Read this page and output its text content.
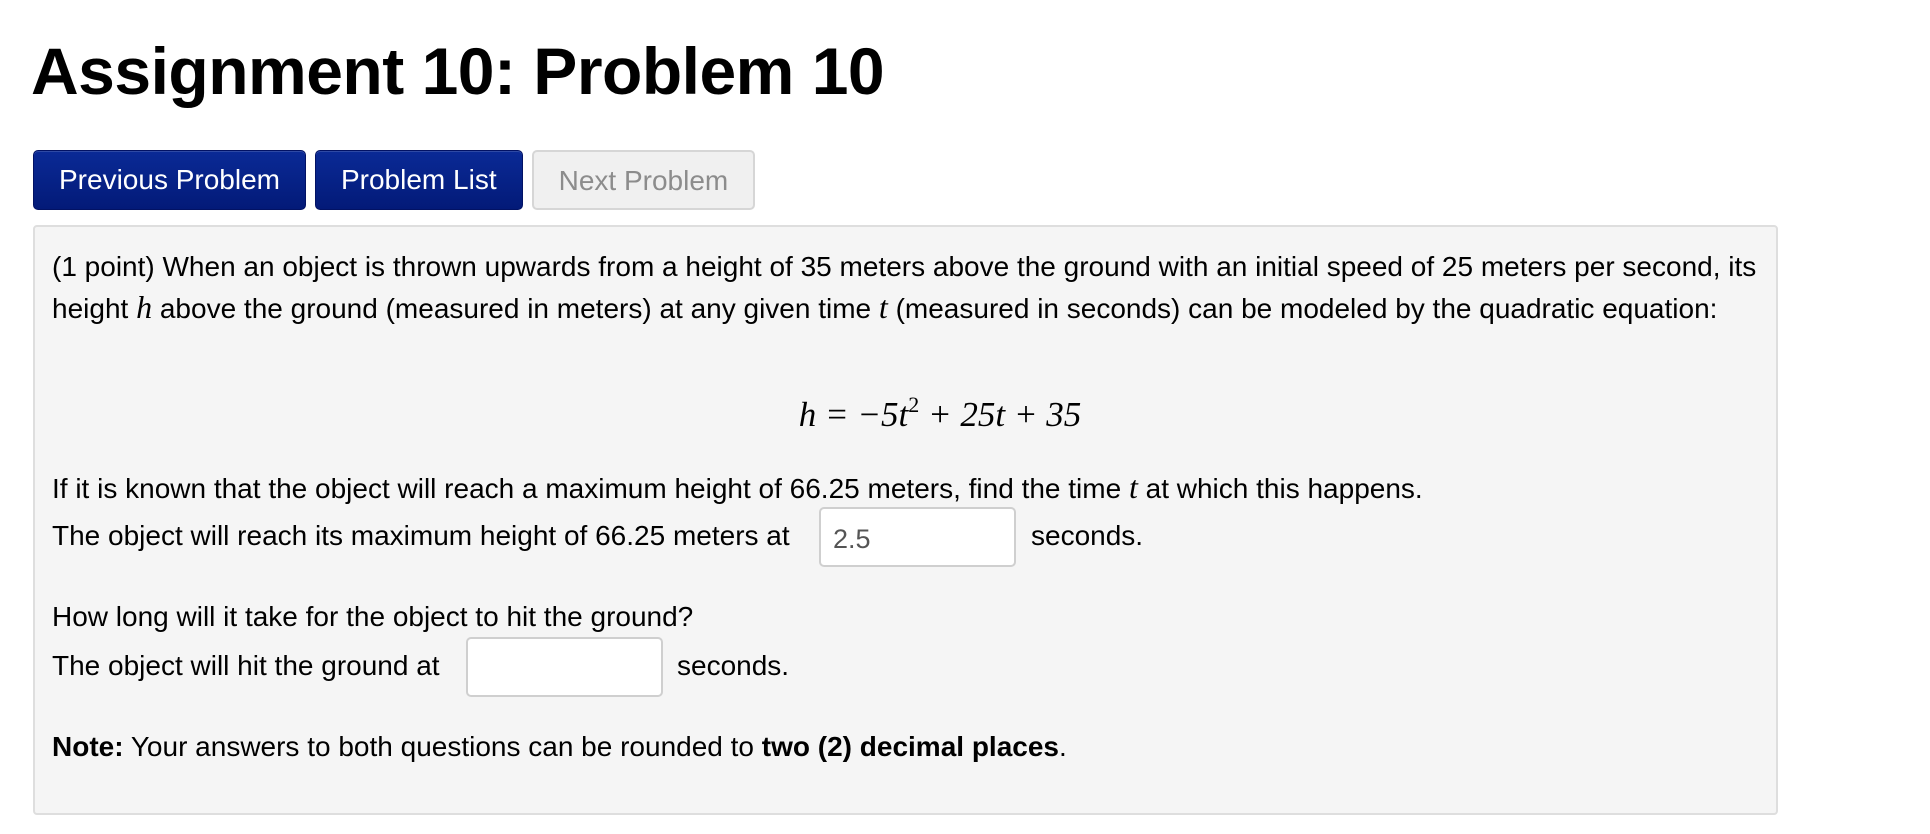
Assignment 10: Problem 10
Previous Problem	Problem List	Next Problem
(1 point) When an object is thrown upwards from a height of 35 meters above the ground with an initial speed of 25 meters per second, its height h above the ground (measured in meters) at any given time t (measured in seconds) can be modeled by the quadratic equation:
$h = -5t^2 + 25t + 35$
If it is known that the object will reach a maximum height of 66.25 meters, find the time t at which this happens.
The object will reach its maximum height of 66.25 meters at
2.5	seconds.
How long will it take for the object to hit the ground?
The object will hit the ground at	seconds.
Note: Your answers to both questions can be rounded to two (2) decimal places.
